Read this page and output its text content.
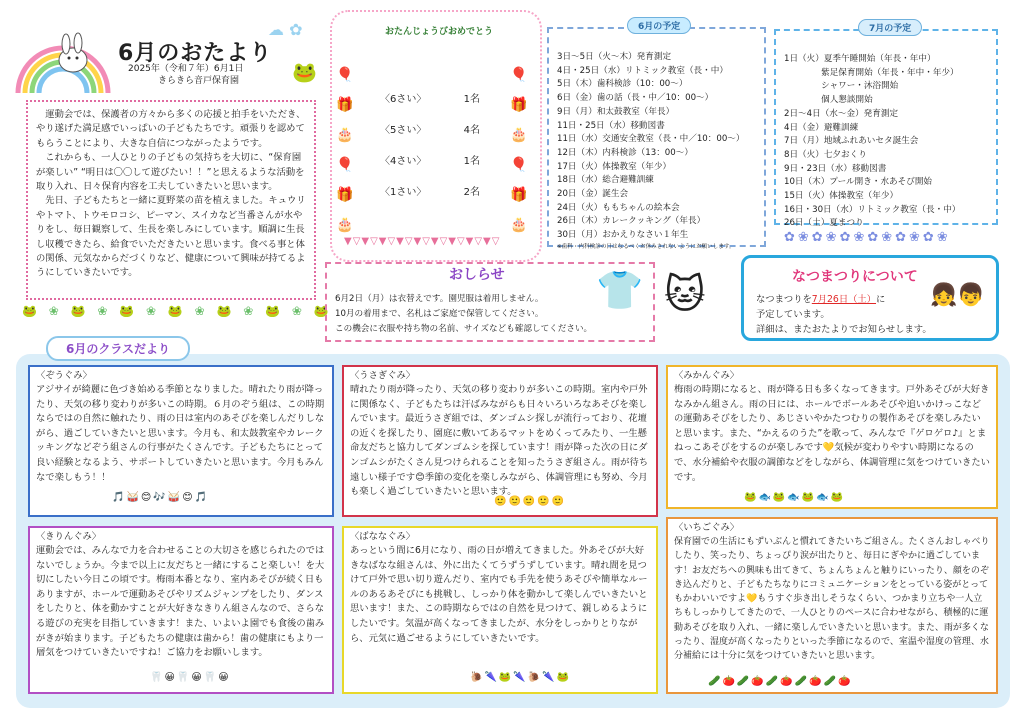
☁ ✿
🐸
6月のおたより
2025年（令和７年）6月1日
きらきら音戸保育園

運動会では、保護者の方々から多くの応援と拍手をいただき、やり遂げた満足感でいっぱいの子どもたちです。頑張りを認めてもらうことにより、大きな自信につながったようです。

これからも、一人ひとりの子どもの気持ちを大切に、“保育園が楽しい” “明日は〇〇して遊びたい！！”と思えるような活動を取り入れ、日々保育内容を工夫していきたいと思います。

先日、子どもたちと一緒に夏野菜の苗を植えました。キュウリやトマト、トウモロコシ、ピーマン、スイカなど当番さんが水やりをし、毎日観察して、生長を楽しみにしています。順調に生長し収穫できたら、給食でいただきたいと思います。食べる事と体の関係、元気なからだづくりなど、健康について興味が持てるようにしていきたいです。

🐸 ❀ 🐸 ❀ 🐸 ❀ 🐸 ❀ 🐸 ❀ 🐸 ❀ 🐸
おたんじょうびおめでとう
🎈
🎁
🎂
🎈
🎁
🎂
🎈
🎁
🎂
🎈
🎁
🎂
〈6さい〉	1名
〈5さい〉	4名
〈4さい〉	1名
〈1さい〉	2名
▼▽▼▽▼▽▼▽▼▽▼▽▼▽▼▽▼▽
6月の予定
3日～5日（火～木）発育測定
4日・25日（水）リトミック教室（長・中）
5日（木）歯科検診（10：00～）
6日（金）歯の話（長・中／10：00～）
9日（月）和太鼓教室（年長）
11日・25日（水）移動図書
11日（水）交通安全教室（長・中／10：00～）
12日（木）内科検診（13：00～）
17日（火）体操教室（年少）
18日（水）総合避難訓練
20日（金）誕生会
24日（火）ももちゃんの絵本会
26日（木）カレークッキング（年長）
30日（月）おかえりなさい１年生
※歯科・内科検診の日はなるべくお休みされないようにお願いします。
7月の予定
1日（火）夏季午睡開始（年長・年中）
　　　　 紫足保育開始（年長・年中・年少）
　　　　 シャワー・沐浴開始
　　　　 個人懇談開始
2日～4日（水～金）発育測定
4日（金）避難訓練
7日（月）地域ふれあいセタ誕生会
8日（火）七夕おくり
9日・23日（水）移動図書
10日（木）プール開き・水あそび開始
15日（火）体操教室（年少）
16日・30日（水）リトミック教室（長・中）
26日（土）夏まつり
✿❀✿❀✿❀✿❀✿❀✿❀
おしらせ
6月2日（月）は衣替えです。園児服は着用しません。
10月の着用まで、名札はご家庭で保管してください。
この機会に衣服や持ち物の名前、サイズなども確認してください。
👕 🐱	なつまつりについて
なつまつりを7月26日（土）に
予定しています。
詳細は、またおたよりでお知らせします。
👧👦
6月のクラスだより
〈ぞうぐみ〉
アジサイが綺麗に色づき始める季節となりました。晴れたり雨が降ったり、天気の移り変わりが多いこの時期。６月のぞう組は、この時期ならではの自然に触れたり、雨の日は室内のあそびを楽しんだりしながら、過ごしていきたいと思います。今月も、和太鼓教室やカレークッキングなどぞう組さんの行事がたくさんです。子どもたちにとって良い経験となるよう、サポートしていきたいと思います。今月もみんなで楽しもう！！
🎵🥁😊🎶🥁😊🎵
〈うさぎぐみ〉
晴れたり雨が降ったり、天気の移り変わりが多いこの時期。室内や戸外に関係なく、子どもたちは汗ばみながらも日々いろいろなあそびを楽しんでいます。最近うさぎ組では、ダンゴムシ探しが流行っており、花壇の近くを探したり、園庭に敷いてあるマットをめくってみたり、一生懸命友だちと協力してダンゴムシを探しています！雨が降った次の日にダンゴムシがたくさん見つけられることを知ったうさぎ組さん。雨が待ち遠しい様子です😊季節の変化を楽しみながら、体調管理にも努め、今月も楽しく過ごしていきたいと思います。
🙂🙂🙂🙂🙂
〈みかんぐみ〉
梅雨の時期になると、雨が降る日も多くなってきます。戸外あそびが大好きなみかん組さん。雨の日には、ホールでボールあそびや追いかけっこなどの運動あそびをしたり、あじさいやかたつむりの製作あそびを楽しみたいと思います。また、“かえるのうた”を歌って、みんなで『ゲロゲロ♪』とまねっこあそびをするのが楽しみです💛気候が変わりやすい時期になるので、水分補給や衣服の調節などをしながら、体調管理に気をつけていきたいです。
🐸🐟🐸🐟🐸🐟🐸
〈きりんぐみ〉
運動会では、みんなで力を合わせることの大切さを感じられたのではないでしょうか。今まで以上に友だちと一緒にすること楽しい！を大切にしたい今日この頃です。梅雨本番となり、室内あそびが続く日もありますが、ホールで運動あそびやリズムジャンプをしたり、ダンスをしたりと、体を動かすことが大好きなきりん組さんなので、さらなる遊びの充実を目指していきます！また、いよいよ園でも食後の歯みがきが始まります。子どもたちの健康は歯から！歯の健康にもより一層気をつけていきたいですね！ご協力をお願いします。
🦷😀🦷😀🦷😀
〈ばななぐみ〉
あっという間に6月になり、雨の日が増えてきました。外あそびが大好きなばなな組さんは、外に出たくてうずうずしています。晴れ間を見つけて戸外で思い切り遊んだり、室内でも手先を使うあそびや簡単なルールのあるあそびにも挑戦し、しっかり体を動かして楽しんでいきたいと思います！また、この時期ならではの自然を見つけて、親しめるようにしたいです。気温が高くなってきましたが、水分をしっかりとりながら、元気に過ごせるようにしていきたいです。
🐌🌂🐸🌂🐌🌂🐸
〈いちごぐみ〉
保育園での生活にもずいぶんと慣れてきたいちご組さん。たくさんおしゃべりしたり、笑ったり、ちょっぴり涙が出たりと、毎日にぎやかに過ごしています！お友だちへの興味も出てきて、ちょんちょんと触りにいったり、顔をのぞき込んだりと、子どもたちなりにコミュニケーションをとっている姿がとってもかわいいですよ💛もうすぐ歩き出しそうなくらい、つかまり立ちや一人立ちもしっかりしてきたので、一人ひとりのペースに合わせながら、積極的に運動あそびを取り入れ、一緒に楽しんでいきたいと思います。また、雨が多くなったり、湿度が高くなったりといった季節になるので、室温や湿度の管理、水分補給には十分に気をつけていきたいと思います。
🥒🍅🥒🍅🥒🍅🥒🍅🥒🍅
